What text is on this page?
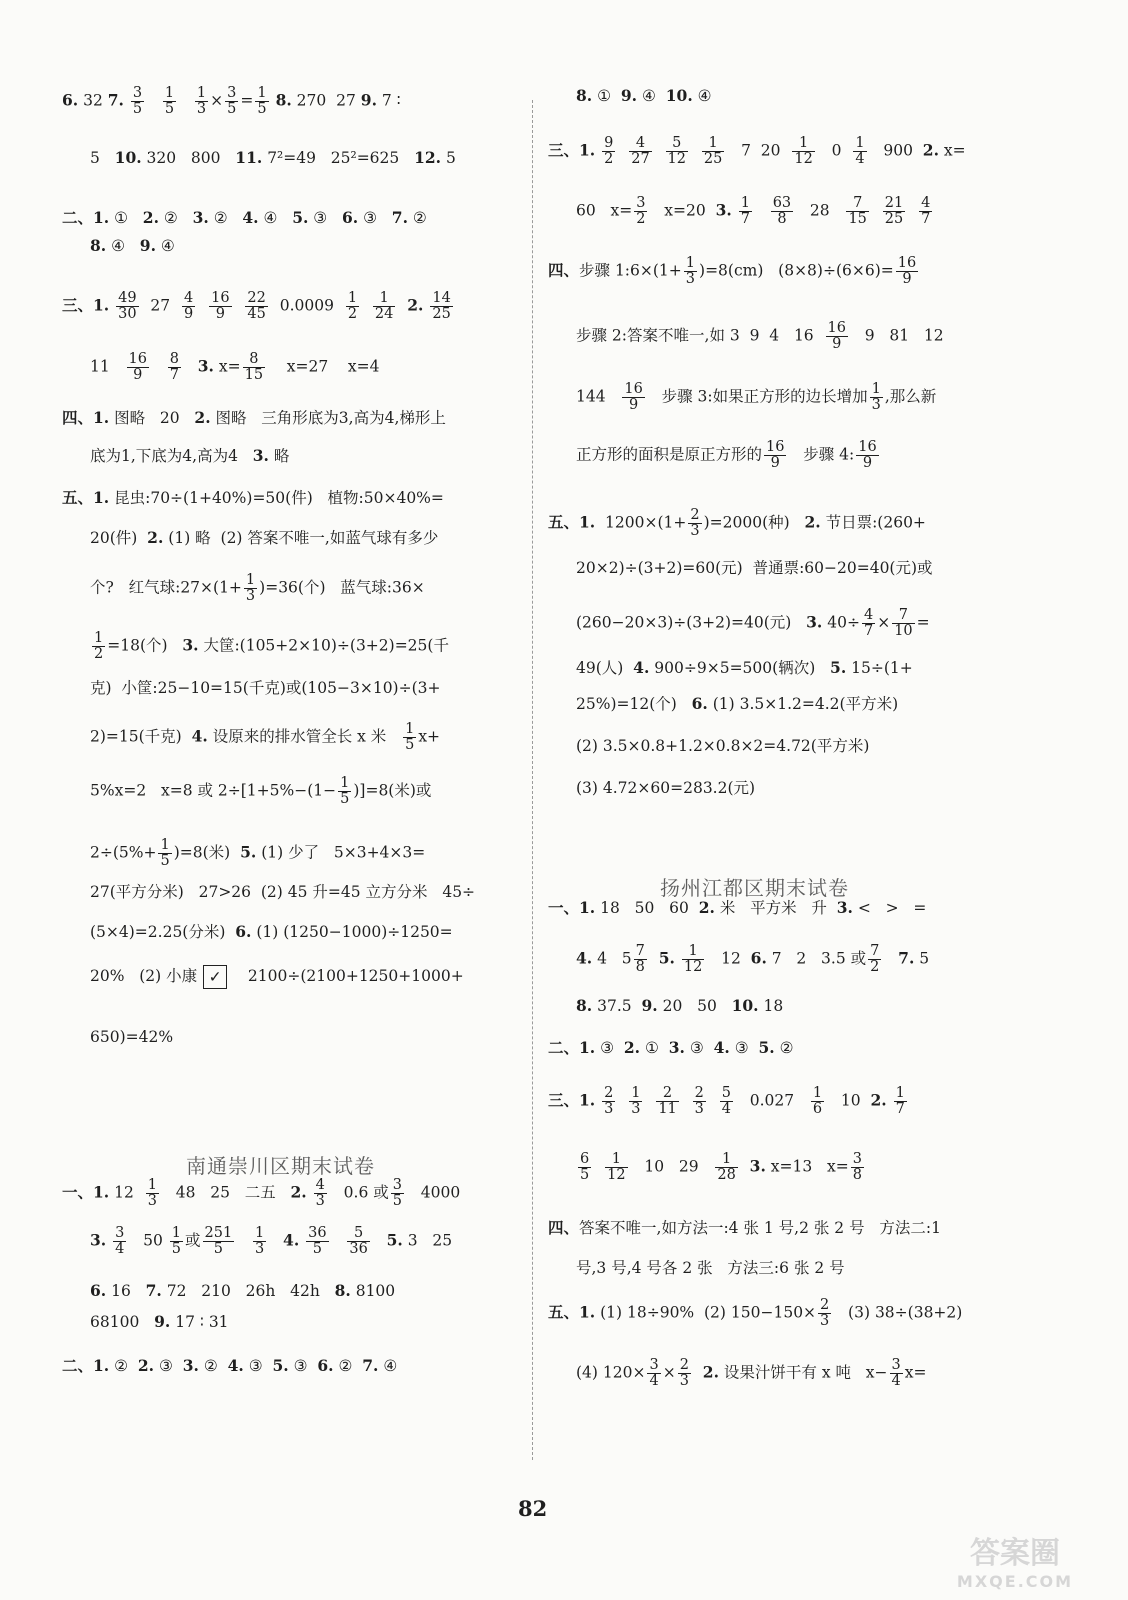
6. 32 7. $\frac{3}{5}$
$\frac{1}{5}$
$\frac{1}{3} \times \frac{3}{5} = \frac{1}{5} 8$. 270  27 9. 7 ∶
5   10. 320   800   11. 7²=49   25²=625   12. 5
二、1. ①   2. ②   3. ②   4. ④   5. ③   6. ③   7. ②
8. ④   9. ④
三、1. $\frac{49}{30} 27 \frac{4}{9}$
$\frac{16}{9}$
$\frac{22}{45} 0.0009 \frac{1}{2}$
$\frac{1}{24} 2$. $\frac{14}{25}$
$11 \frac{16}{9}$
$\frac{8}{7} 3$. $x= \frac{8}{15} x=27$    x=4
四、1. 图略   20   2. 图略   三角形底为3,高为4,梯形上
底为1,下底为4,高为4   3. 略
五、1. 昆虫:70÷(1+40%)=50(件)   植物:50×40%=
20(件)  2. (1) 略  (2) 答案不唯一,如蓝气球有多少
个?   红气球:27×(1+ $\frac{1}{3} )=36$(个)   蓝气球:36×
$\frac{1}{2} =18$(个)   3. 大筐:(105+2×10)÷(3+2)=25(千
克)  小筐:25−10=15(千克)或(105−3×10)÷(3+
2)=15(千克)  4. 设原来的排水管全长 x 米 $\frac{1}{5} x+$
5%x=2   x=8 或 $2\div[1+5\%-(1- \frac{1}{5} )]=8$(米)或
$2\div(5\%+ \frac{1}{5} )=8$(米)  5. (1) 少了   5×3+4×3=
27(平方分米)   27>26  (2) 45 升=45 立方分米   45÷
(5×4)=2.25(分米)  6. (1) (1250−1000)÷1250=
20%   (2) 小康 ✓   2100÷(2100+1250+1000+
650)=42%
一、1. $12 \frac{1}{3} 48$   25   二五   2. $\frac{4}{3} 0.6$ 或 $\frac{3}{5} 4000$
3. $\frac{3}{4} 50 \frac{1}{5}$ 或 $\frac{251}{5}$
$\frac{1}{3} 4$. $\frac{36}{5}$
$\frac{5}{36} 5$. 3   25
6. 16   7. 72   210   26h   42h   8. 8100
68100   9. 17 ∶ 31
二、1. ②  2. ③  3. ②  4. ③  5. ③  6. ②  7. ④
8. ①  9. ④  10. ④
三、1. $\frac{9}{2}$
$\frac{4}{27}$
$\frac{5}{12}$
$\frac{1}{25} 7$  $20 \frac{1}{12} 0 \frac{1}{4} 900$  2. x=
60   $x= \frac{3}{2} x=20$  3. $\frac{1}{7}$
$\frac{63}{8} 28 \frac{7}{15}$
$\frac{21}{25}$
$\frac{4}{7}$
四、步骤 1:6×(1+ $\frac{1}{3} )=8(cm)$   $(8\times 8)\div(6\times 6)= \frac{16}{9}$
步骤 2:答案不唯一,如 3  9  4   $16 \frac{16}{9} 9$   81   12
$144 \frac{16}{9}$ 步骤 3:如果正方形的边长增加 $\frac{1}{3}$ ,那么新
正方形的面积是原正方形的 $\frac{16}{9}$ 步骤 4: $\frac{16}{9}$
五、1.  $1200\times(1+ \frac{2}{3} )=2000$(种)   2. 节日票:(260+
20×2)÷(3+2)=60(元)  普通票:60−20=40(元)或
(260−20×3)÷(3+2)=40(元)   3. $40\div \frac{4}{7} \times \frac{7}{10}$ =
49(人)  4. 900÷9×5=500(辆次)   5. 15÷(1+
25%)=12(个)   6. (1) 3.5×1.2=4.2(平方米)
(2) 3.5×0.8+1.2×0.8×2=4.72(平方米)
(3) 4.72×60=283.2(元)
一、1. 18   50   60  2. 米   平方米   升  3. <   >   =
4. 4   $5 \frac{7}{8} 5$. $\frac{1}{12} 12$  6. 7   2   3.5 或 $\frac{7}{2} 7$. 5
8. 37.5  9. 20   50   10. 18
二、1. ③  2. ①  3. ③  4. ③  5. ②
三、1. $\frac{2}{3}$
$\frac{1}{3}$
$\frac{2}{11}$
$\frac{2}{3}$
$\frac{5}{4} 0.027 \frac{1}{6} 10$  2. $\frac{1}{7}$
$\frac{6}{5}$
$\frac{1}{12} 10$   $29 \frac{1}{28} 3$. x=13   $x= \frac{3}{8}$
四、答案不唯一,如方法一:4 张 1 号,2 张 2 号   方法二:1
号,3 号,4 号各 2 张   方法三:6 张 2 号
五、1. (1) 18÷90%  (2) $150-150\times \frac{2}{3} (3)$ 38÷(38+2)
(4) $120\times \frac{3}{4} \times \frac{2}{3} 2$. 设果汁饼干有 x 吨   $x- \frac{3}{4} x=$
南通崇川区期末试卷
扬州江都区期末试卷
82
答案圈
MXQE.COM
